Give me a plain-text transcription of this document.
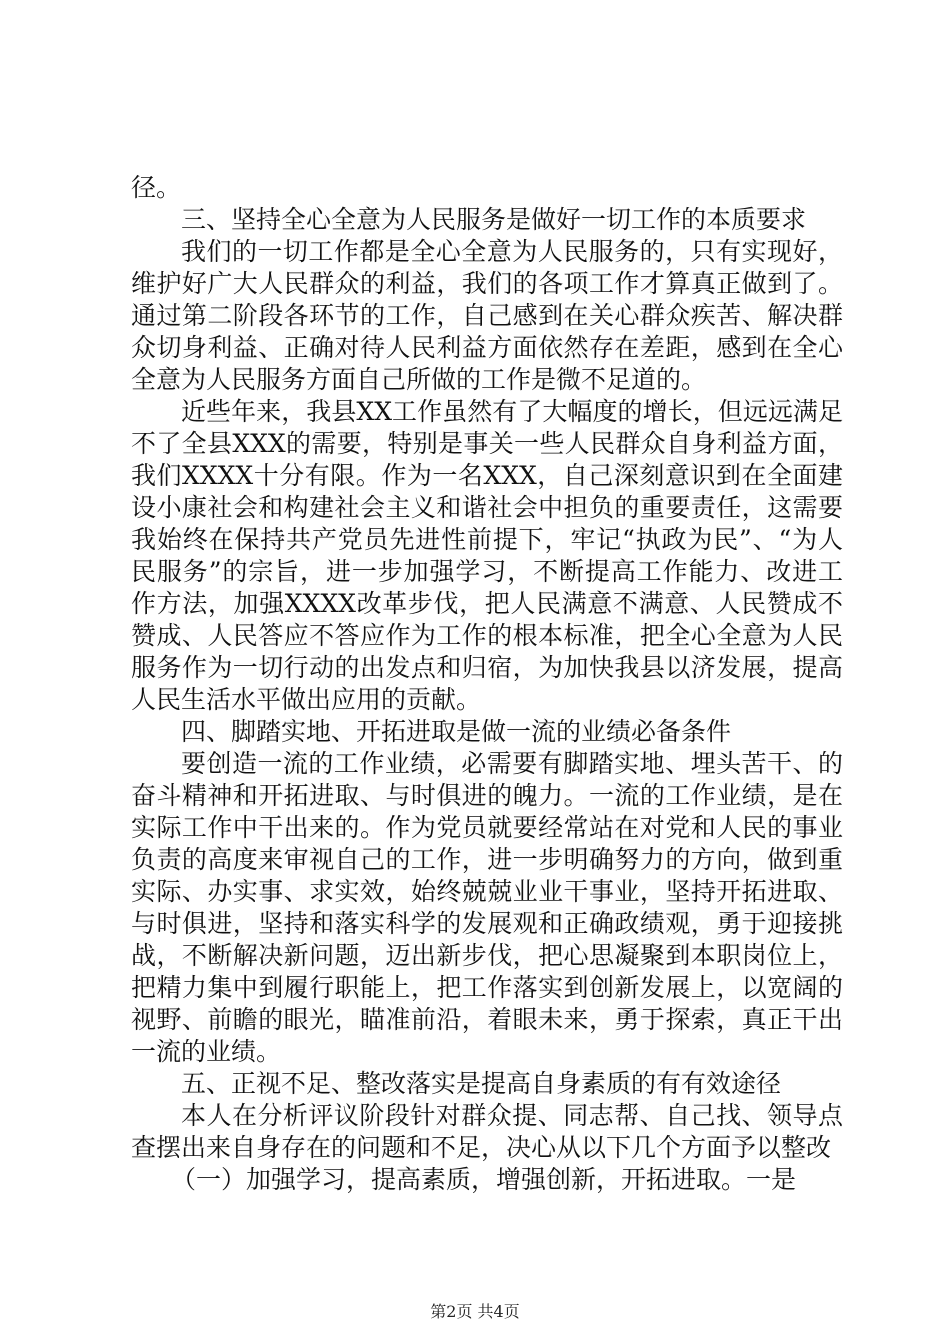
径。

三、坚持全心全意为人民服务是做好一切工作的本质要求

我们的一切工作都是全心全意为人民服务的，只有实现好，维护好广大人民群众的利益，我们的各项工作才算真正做到了。通过第二阶段各环节的工作，自己感到在关心群众疾苦、解决群众切身利益、正确对待人民利益方面依然存在差距，感到在全心全意为人民服务方面自己所做的工作是微不足道的。

近些年来，我县XX工作虽然有了大幅度的增长，但远远满足不了全县XXX的需要，特别是事关一些人民群众自身利益方面，我们XXXX十分有限。作为一名XXX，自己深刻意识到在全面建设小康社会和构建社会主义和谐社会中担负的重要责任，这需要我始终在保持共产党员先进性前提下，牢记“执政为民”、“为人民服务”的宗旨，进一步加强学习，不断提高工作能力、改进工作方法，加强XXXX改革步伐，把人民满意不满意、人民赞成不赞成、人民答应不答应作为工作的根本标准，把全心全意为人民服务作为一切行动的出发点和归宿，为加快我县以济发展，提高人民生活水平做出应用的贡献。

四、脚踏实地、开拓进取是做一流的业绩必备条件

要创造一流的工作业绩，必需要有脚踏实地、埋头苦干、的奋斗精神和开拓进取、与时俱进的魄力。一流的工作业绩，是在实际工作中干出来的。作为党员就要经常站在对党和人民的事业负责的高度来审视自己的工作，进一步明确努力的方向，做到重实际、办实事、求实效，始终兢兢业业干事业，坚持开拓进取、与时俱进，坚持和落实科学的发展观和正确政绩观，勇于迎接挑战，不断解决新问题，迈出新步伐，把心思凝聚到本职岗位上，把精力集中到履行职能上，把工作落实到创新发展上，以宽阔的视野、前瞻的眼光，瞄准前沿，着眼未来，勇于探索，真正干出一流的业绩。

五、正视不足、整改落实是提高自身素质的有有效途径

本人在分析评议阶段针对群众提、同志帮、自己找、领导点查摆出来自身存在的问题和不足，决心从以下几个方面予以整改

（一）加强学习，提高素质，增强创新，开拓进取。一是

第2页 共4页
